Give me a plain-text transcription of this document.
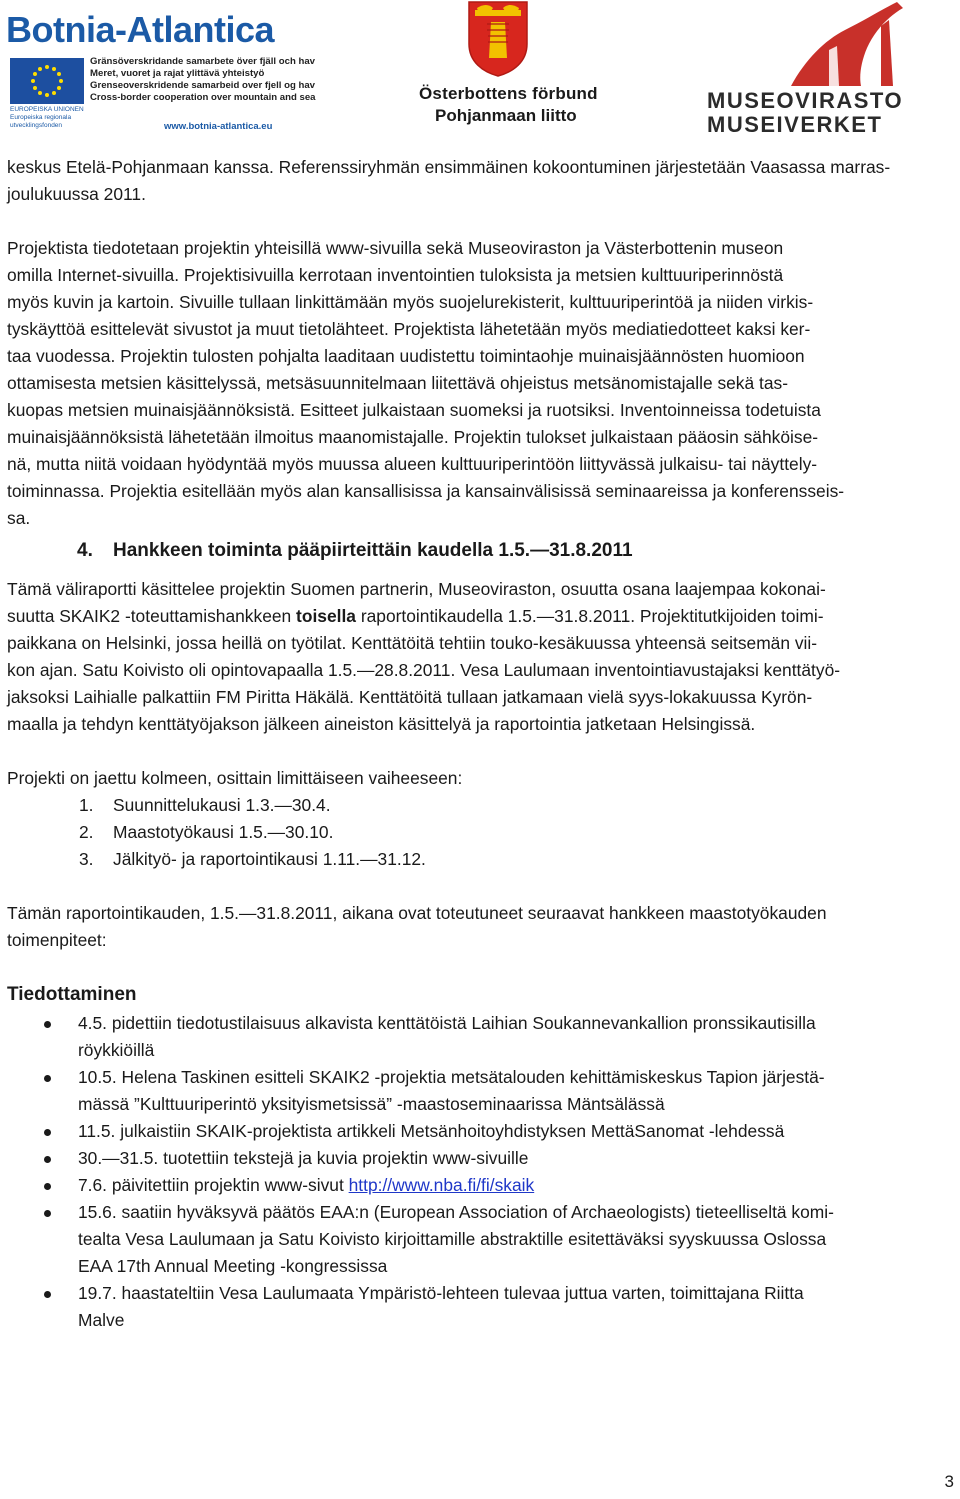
Botnia-Atlantica
EUROPEISKA UNIONEN Europeiska regionala utvecklingsfonden
Gränsöverskridande samarbete över fjäll och hav
Meret, vuoret ja rajat ylittävä yhteistyö
Grenseoverskridende samarbeid over fjell og hav
Cross-border cooperation over mountain and sea
www.botnia-atlantica.eu
Österbottens förbund
Pohjanmaan liitto
MUSEOVIRASTO
MUSEIVERKET

keskus Etelä-Pohjanmaan kanssa. Referenssiryhmän ensimmäinen kokoontuminen järjestetään Vaasassa marras-joulukuussa 2011.

Projektista tiedotetaan projektin yhteisillä www-sivuilla sekä Museoviraston ja Västerbottenin museon

omilla Internet-sivuilla. Projektisivuilla kerrotaan inventointien tuloksista ja metsien kulttuuriperinnöstä

myös kuvin ja kartoin. Sivuille tullaan linkittämään myös suojelurekisterit, kulttuuriperintöä ja niiden virkis-

tyskäyttöä esittelevät sivustot ja muut tietolähteet. Projektista lähetetään myös mediatiedotteet kaksi ker-

taa vuodessa. Projektin tulosten pohjalta laaditaan uudistettu toimintaohje muinaisjäännösten huomioon

ottamisesta metsien käsittelyssä, metsäsuunnitelmaan liitettävä ohjeistus metsänomistajalle sekä tas-

kuopas metsien muinaisjäännöksistä. Esitteet julkaistaan suomeksi ja ruotsiksi. Inventoinneissa todetuista

muinaisjäännöksistä lähetetään ilmoitus maanomistajalle. Projektin tulokset julkaistaan pääosin sähköise-

nä, mutta niitä voidaan hyödyntää myös muussa alueen kulttuuriperintöön liittyvässä julkaisu- tai näyttely-

toiminnassa. Projektia esitellään myös alan kansallisissa ja kansainvälisissä seminaareissa ja konferensseis-

sa.

4. Hankkeen toiminta pääpiirteittäin kaudella 1.5.—31.8.2011

Tämä väliraportti käsittelee projektin Suomen partnerin, Museoviraston, osuutta osana laajempaa kokonai-

suutta SKAIK2 -toteuttamishankkeen toisella raportointikaudella 1.5.—31.8.2011. Projektitutkijoiden toimi-

paikkana on Helsinki, jossa heillä on työtilat. Kenttätöitä tehtiin touko-kesäkuussa yhteensä seitsemän vii-

kon ajan. Satu Koivisto oli opintovapaalla 1.5.—28.8.2011. Vesa Laulumaan inventointiavustajaksi kenttätyö-

jaksoksi Laihialle palkattiin FM Piritta Häkälä. Kenttätöitä tullaan jatkamaan vielä syys-lokakuussa Kyrön-

maalla ja tehdyn kenttätyöjakson jälkeen aineiston käsittelyä ja raportointia jatketaan Helsingissä.

Projekti on jaettu kolmeen, osittain limittäiseen vaiheeseen:

1. Suunnittelukausi 1.3.—30.4.
2. Maastotyökausi 1.5.—30.10.
3. Jälkityö- ja raportointikausi 1.11.—31.12.

Tämän raportointikauden, 1.5.—31.8.2011, aikana ovat toteutuneet seuraavat hankkeen maastotyökauden

toimenpiteet:

Tiedottaminen
4.5. pidettiin tiedotustilaisuus alkavista kenttätöistä Laihian Soukannevankallion pronssikautisilla
röykkiöillä
10.5. Helena Taskinen esitteli SKAIK2 -projektia metsätalouden kehittämiskeskus Tapion järjestä-
mässä ”Kulttuuriperintö yksityismetsissä” -maastoseminaarissa Mäntsälässä
11.5. julkaistiin SKAIK-projektista artikkeli Metsänhoitoyhdistyksen MettäSanomat -lehdessä
30.—31.5. tuotettiin tekstejä ja kuvia projektin www-sivuille
7.6. päivitettiin projektin www-sivut http://www.nba.fi/fi/skaik
15.6. saatiin hyväksyvä päätös EAA:n (European Association of Archaeologists) tieteelliseltä komi-
tealta Vesa Laulumaan ja Satu Koivisto kirjoittamille abstraktille esitettäväksi syyskuussa Oslossa
EAA 17th Annual Meeting -kongressissa
19.7. haastateltiin Vesa Laulumaata Ympäristö-lehteen tulevaa juttua varten, toimittajana Riitta
Malve
3
